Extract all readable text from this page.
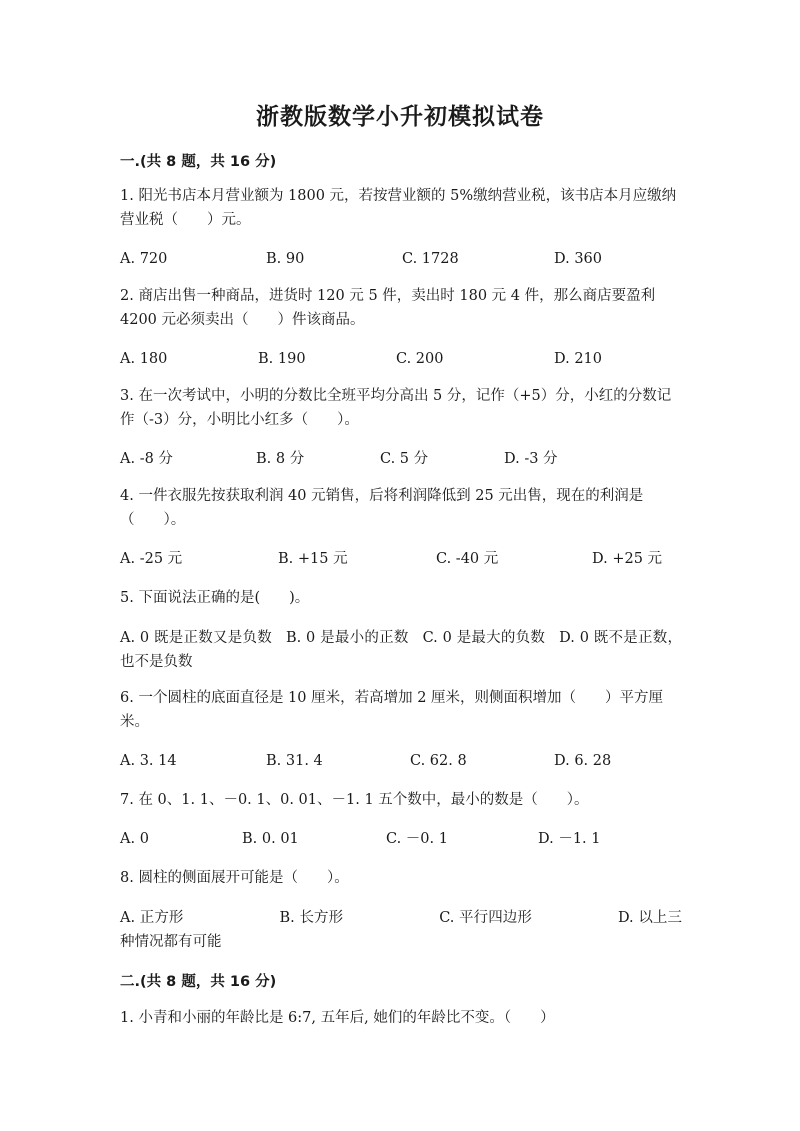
浙教版数学小升初模拟试卷
一.(共 8 题，共 16 分)
1. 阳光书店本月营业额为 1800 元，若按营业额的 5%缴纳营业税，该书店本月应缴纳营业税（　　）元。
A. 720	B. 90	C. 1728	D. 360
2. 商店出售一种商品，进货时 120 元 5 件，卖出时 180 元 4 件，那么商店要盈利 4200 元必须卖出（　　）件该商品。
A. 180	B. 190	C. 200	D. 210
3. 在一次考试中，小明的分数比全班平均分高出 5 分，记作（+5）分，小红的分数记作（-3）分，小明比小红多（　　）。
A. -8 分	B. 8 分	C. 5 分	D. -3 分
4. 一件衣服先按获取利润 40 元销售，后将利润降低到 25 元出售，现在的利润是（　　）。
A. -25 元	B. +15 元	C. -40 元	D. +25 元
5. 下面说法正确的是(　　)。
A. 0 既是正数又是负数 B. 0 是最小的正数 C. 0 是最大的负数 D. 0 既不是正数，也不是负数
6. 一个圆柱的底面直径是 10 厘米，若高增加 2 厘米，则侧面积增加（　　）平方厘米。
A. 3. 14	B. 31. 4	C. 62. 8	D. 6. 28
7. 在 0、1. 1、－0. 1、0. 01、－1. 1 五个数中，最小的数是（　　）。
A. 0	B. 0. 01	C. －0. 1	D. －1. 1
8. 圆柱的侧面展开可能是（　　）。
A. 正方形	B. 长方形	C. 平行四边形	D. 以上三种情况都有可能
二.(共 8 题，共 16 分)
1. 小青和小丽的年龄比是 6:7, 五年后, 她们的年龄比不变。（　　）
